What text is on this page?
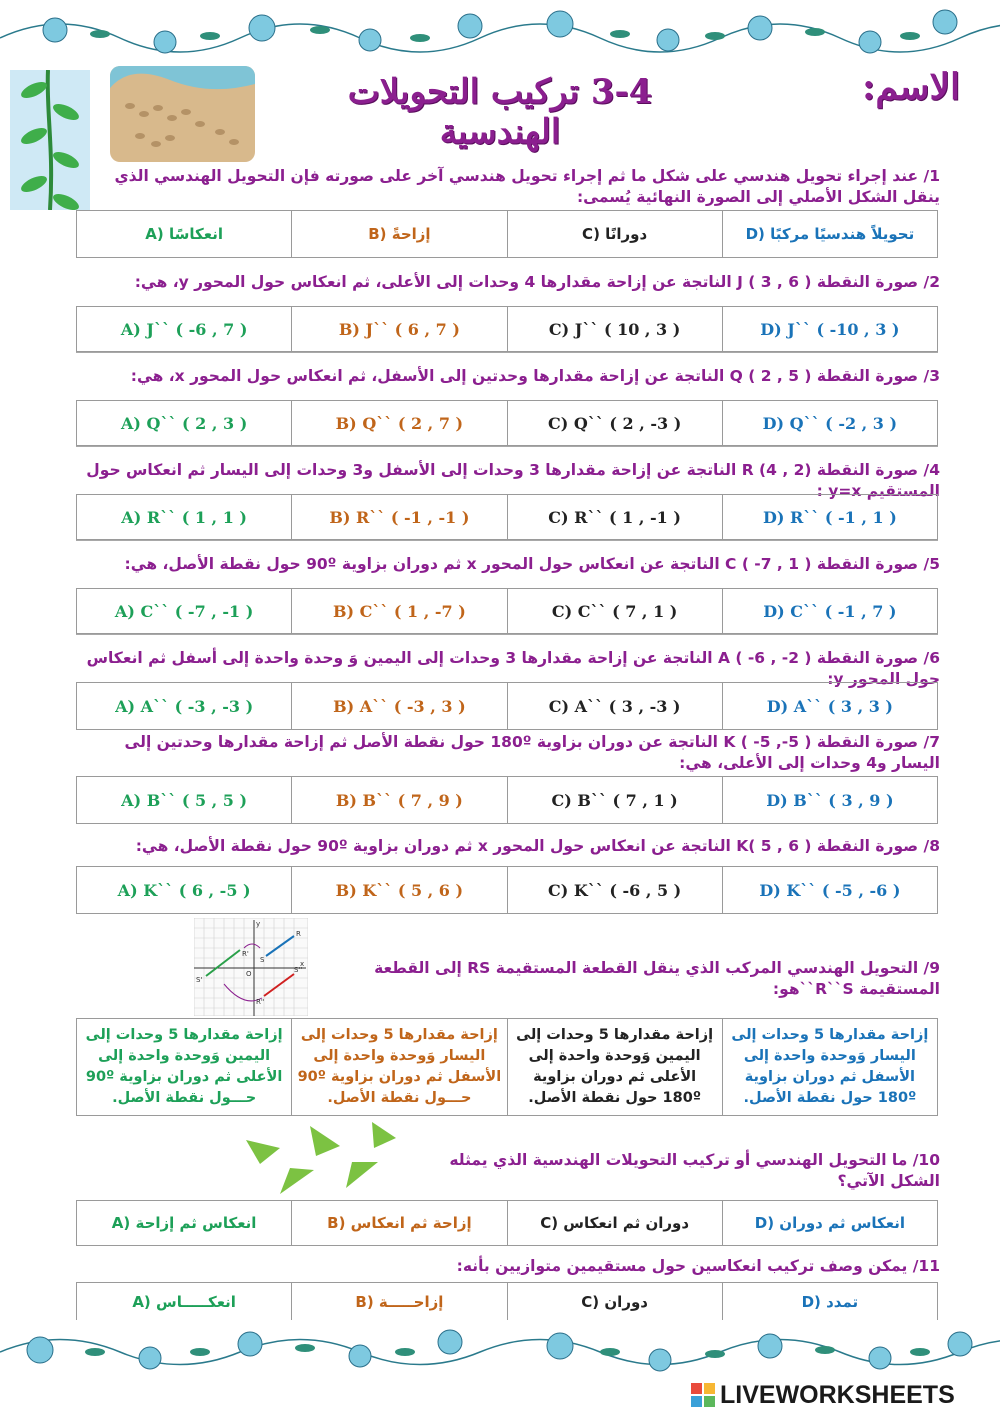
3-4 تركيب التحويلات الهندسية
الاسم:
1/ عند إجراء تحويل هندسي على شكل ما ثم إجراء تحويل هندسي آخر على صورته فإن التحويل الهندسي الذي ينقل الشكل الأصلي إلى الصورة النهائية يُسمى:
تحويلاً هندسيًا مركبًا (D
دورانًا (C
إزاحةً (B
انعكاسًا (A
2/ صورة النقطة J ( 3 , 6 ) الناتجة عن إزاحة مقدارها 4 وحدات إلى الأعلى، ثم انعكاس حول المحور y، هي:
D) J`` ( -10 , 3 )
C) J`` ( 10 , 3 )
B) J`` ( 6 , 7 )
A) J`` ( -6 , 7 )
3/ صورة النقطة Q ( 2 , 5 ) الناتجة عن إزاحة مقدارها وحدتين إلى الأسفل، ثم انعكاس حول المحور x، هي:
D) Q`` ( -2 , 3 )
C) Q`` ( 2 , -3 )
B) Q`` ( 2 , 7 )
A) Q`` ( 2 , 3 )
4/ صورة النقطة R (4 , 2) الناتجة عن إزاحة مقدارها 3 وحدات إلى الأسفل و3 وحدات إلى اليسار ثم انعكاس حول المستقيم y=x :
D) R`` ( -1 , 1 )
C) R`` ( 1 , -1 )
B) R`` ( -1 , -1 )
A) R`` ( 1 , 1 )
5/ صورة النقطة C ( -7 , 1 ) الناتجة عن انعكاس حول المحور x ثم دوران بزاوية 90º حول نقطة الأصل، هي:
D) C`` ( -1 , 7 )
C) C`` ( 7 , 1 )
B) C`` ( 1 , -7 )
A) C`` ( -7 , -1 )
6/ صورة النقطة A ( -6 , -2 ) الناتجة عن إزاحة مقدارها 3 وحدات إلى اليمين وَ وحدة واحدة إلى أسفل ثم انعكاس حول المحور y:
D) A`` ( 3 , 3 )
C) A`` ( 3 , -3 )
B) A`` ( -3 , 3 )
A) A`` ( -3 , -3 )
7/ صورة النقطة K ( -5 ,-5 ) الناتجة عن دوران بزاوية 180º حول نقطة الأصل ثم إزاحة مقدارها وحدتين إلى اليسار و4 وحدات إلى الأعلى، هي:
D) B`` ( 3 , 9 )
C) B`` ( 7 , 1 )
B) B`` ( 7 , 9 )
A) B`` ( 5 , 5 )
8/ صورة النقطة K( 5 , 6 ) الناتجة عن انعكاس حول المحور x ثم دوران بزاوية 90º حول نقطة الأصل، هي:
D) K`` ( -5 , -6 )
C) K`` ( -6 , 5 )
B) K`` ( 5 , 6 )
A) K`` ( 6 , -5 )
9/ التحويل الهندسي المركب الذي ينقل القطعة المستقيمة RS إلى القطعة المستقيمة R``S``هو:
y
x
R
S
R'
S'
R''
S''
O
إزاحة مقدارها 5 وحدات إلى اليسار وَوحدة واحدة إلى الأسفل ثم دوران بزاوية 180º حول نقطة الأصل.
إزاحة مقدارها 5 وحدات إلى اليمين وَوحدة واحدة إلى الأعلى ثم دوران بزاوية 180º حول نقطة الأصل.
إزاحة مقدارها 5 وحدات إلى اليسار وَوحدة واحدة إلى الأسفل ثم دوران بزاوية 90º حـــول نقطة الأصل.
إزاحة مقدارها 5 وحدات إلى اليمين وَوحدة واحدة إلى الأعلى ثم دوران بزاوية 90º حـــول نقطة الأصل.
10/ ما التحويل الهندسي أو تركيب التحويلات الهندسية الذي يمثله الشكل الآتي؟
انعكاس ثم دوران (D
دوران ثم انعكاس (C
إزاحة ثم انعكاس (B
انعكاس ثم إزاحة (A
11/ يمكن وصف تركيب انعكاسين حول مستقيمين متوازيين بأنه:
تمدد (D
دوران (C
إزاحـــــة (B
انعكـــــاس (A
LIVEWORKSHEETS
